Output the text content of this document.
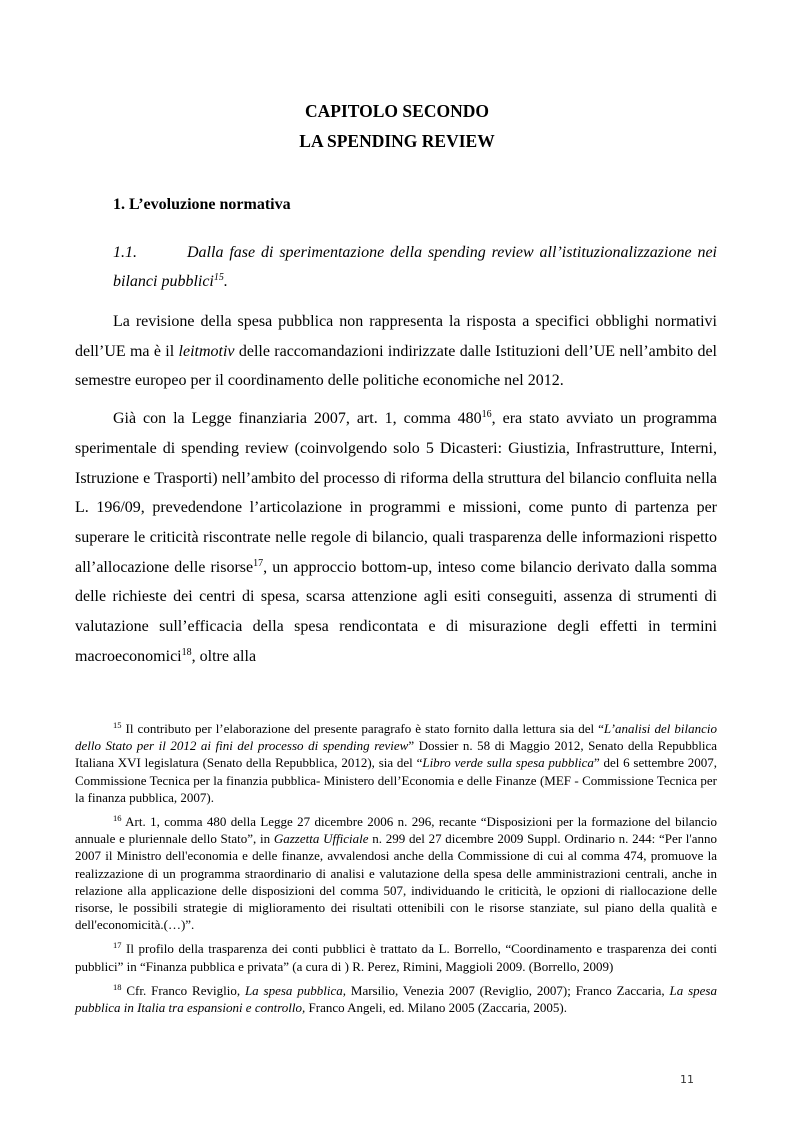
CAPITOLO SECONDO
LA SPENDING REVIEW
1. L’evoluzione normativa
1.1.	Dalla fase di sperimentazione della spending review all’istituzionalizzazione nei bilanci pubblici$^{15}$.

La revisione della spesa pubblica non rappresenta la risposta a specifici obblighi normativi dell’UE ma è il leitmotiv delle raccomandazioni indirizzate dalle Istituzioni dell’UE nell’ambito del semestre europeo per il coordinamento delle politiche economiche nel 2012.

Già con la Legge finanziaria 2007, art. 1, comma $480^{16}$, era stato avviato un programma sperimentale di spending review (coinvolgendo solo 5 Dicasteri: Giustizia, Infrastrutture, Interni, Istruzione e Trasporti) nell’ambito del processo di riforma della struttura del bilancio confluita nella L. 196/09, prevedendone l’articolazione in programmi e missioni, come punto di partenza per superare le criticità riscontrate nelle regole di bilancio, quali trasparenza delle informazioni rispetto all’allocazione delle risorse$^{17}$, un approccio bottom-up, inteso come bilancio derivato dalla somma delle richieste dei centri di spesa, scarsa attenzione agli esiti conseguiti, assenza di strumenti di valutazione sull’efficacia della spesa rendicontata e di misurazione degli effetti in termini macroeconomici$^{18}$, oltre alla

$^{15}$ Il contributo per l’elaborazione del presente paragrafo è stato fornito dalla lettura sia del “L’analisi del bilancio dello Stato per il 2012 ai fini del processo di spending review” Dossier n. 58 di Maggio 2012, Senato della Repubblica Italiana XVI legislatura (Senato della Repubblica, 2012), sia del “Libro verde sulla spesa pubblica” del 6 settembre 2007, Commissione Tecnica per la finanzia pubblica- Ministero dell’Economia e delle Finanze (MEF - Commissione Tecnica per la finanza pubblica, 2007).

$^{16}$ Art. 1, comma 480 della Legge 27 dicembre 2006 n. 296, recante “Disposizioni per la formazione del bilancio annuale e pluriennale dello Stato”, in Gazzetta Ufficiale n. 299 del 27 dicembre 2009 Suppl. Ordinario n. 244: “Per l'anno 2007 il Ministro dell'economia e delle finanze, avvalendosi anche della Commissione di cui al comma 474, promuove la realizzazione di un programma straordinario di analisi e valutazione della spesa delle amministrazioni centrali, anche in relazione alla applicazione delle disposizioni del comma 507, individuando le criticità, le opzioni di riallocazione delle risorse, le possibili strategie di miglioramento dei risultati ottenibili con le risorse stanziate, sul piano della qualità e dell'economicità.(…)”.

$^{17}$ Il profilo della trasparenza dei conti pubblici è trattato da L. Borrello, “Coordinamento e trasparenza dei conti pubblici” in “Finanza pubblica e privata” (a cura di ) R. Perez, Rimini, Maggioli 2009. (Borrello, 2009)

$^{18}$ Cfr. Franco Reviglio, La spesa pubblica, Marsilio, Venezia 2007 (Reviglio, 2007); Franco Zaccaria, La spesa pubblica in Italia tra espansioni e controllo, Franco Angeli, ed. Milano 2005 (Zaccaria, 2005).

11
